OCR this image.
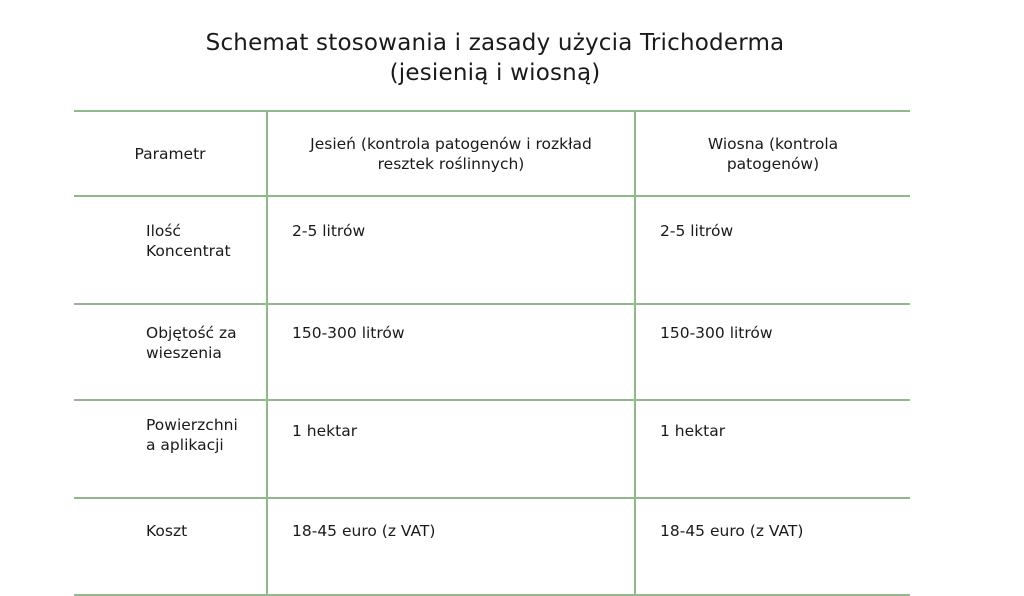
Schemat stosowania i zasady użycia Trichoderma
(jesienią i wiosną)
Parametr	Jesień (kontrola patogenów i rozkład resztek roślinnych)	Wiosna (kontrola patogenów)

Ilość Koncentrat	2-5 litrów	2-5 litrów

Objętość zawieszenia	150-300 litrów	150-300 litrów

Powierzchnia aplikacji	1 hektar	1 hektar

Koszt	18-45 euro (z VAT)	18-45 euro (z VAT)
